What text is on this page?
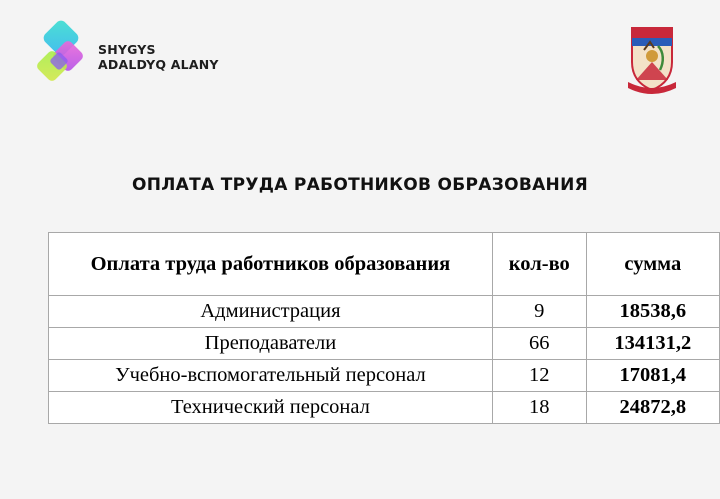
SHYGYS
ADALDYQ ALANY
ОПЛАТА ТРУДА РАБОТНИКОВ ОБРАЗОВАНИЯ
Оплата труда работников образования	кол-во	сумма
Администрация	9	18538,6
Преподаватели	66	134131,2
Учебно-вспомогательный персонал	12	17081,4
Технический персонал	18	24872,8
